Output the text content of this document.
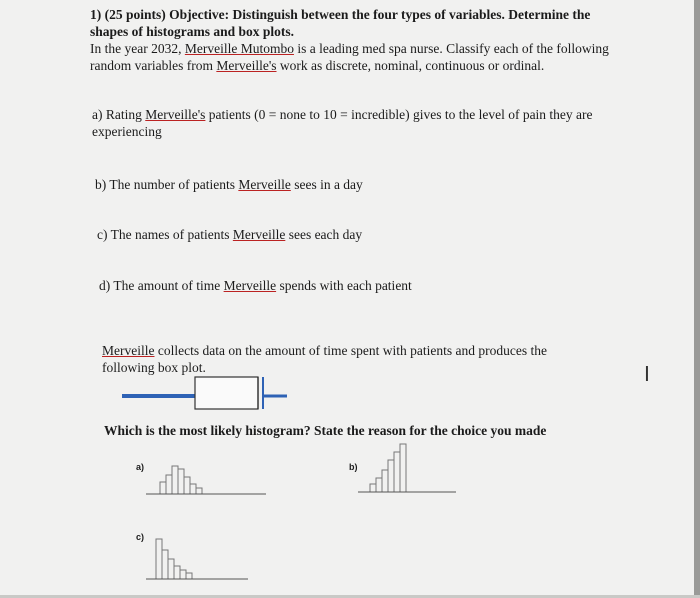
1) (25 points) Objective: Distinguish between the four types of variables. Determine the shapes of histograms and box plots.
In the year 2032, Merveille Mutombo is a leading med spa nurse. Classify each of the following random variables from Merveille's work as discrete, nominal, continuous or ordinal.
a) Rating Merveille's patients (0 = none to 10 = incredible) gives to the level of pain they are experiencing
b) The number of patients Merveille sees in a day
c) The names of patients Merveille sees each day
d) The amount of time Merveille spends with each patient
Merveille collects data on the amount of time spent with patients and produces the following box plot.	I
Which is the most likely histogram? State the reason for the choice you made
a)	b)
c)
